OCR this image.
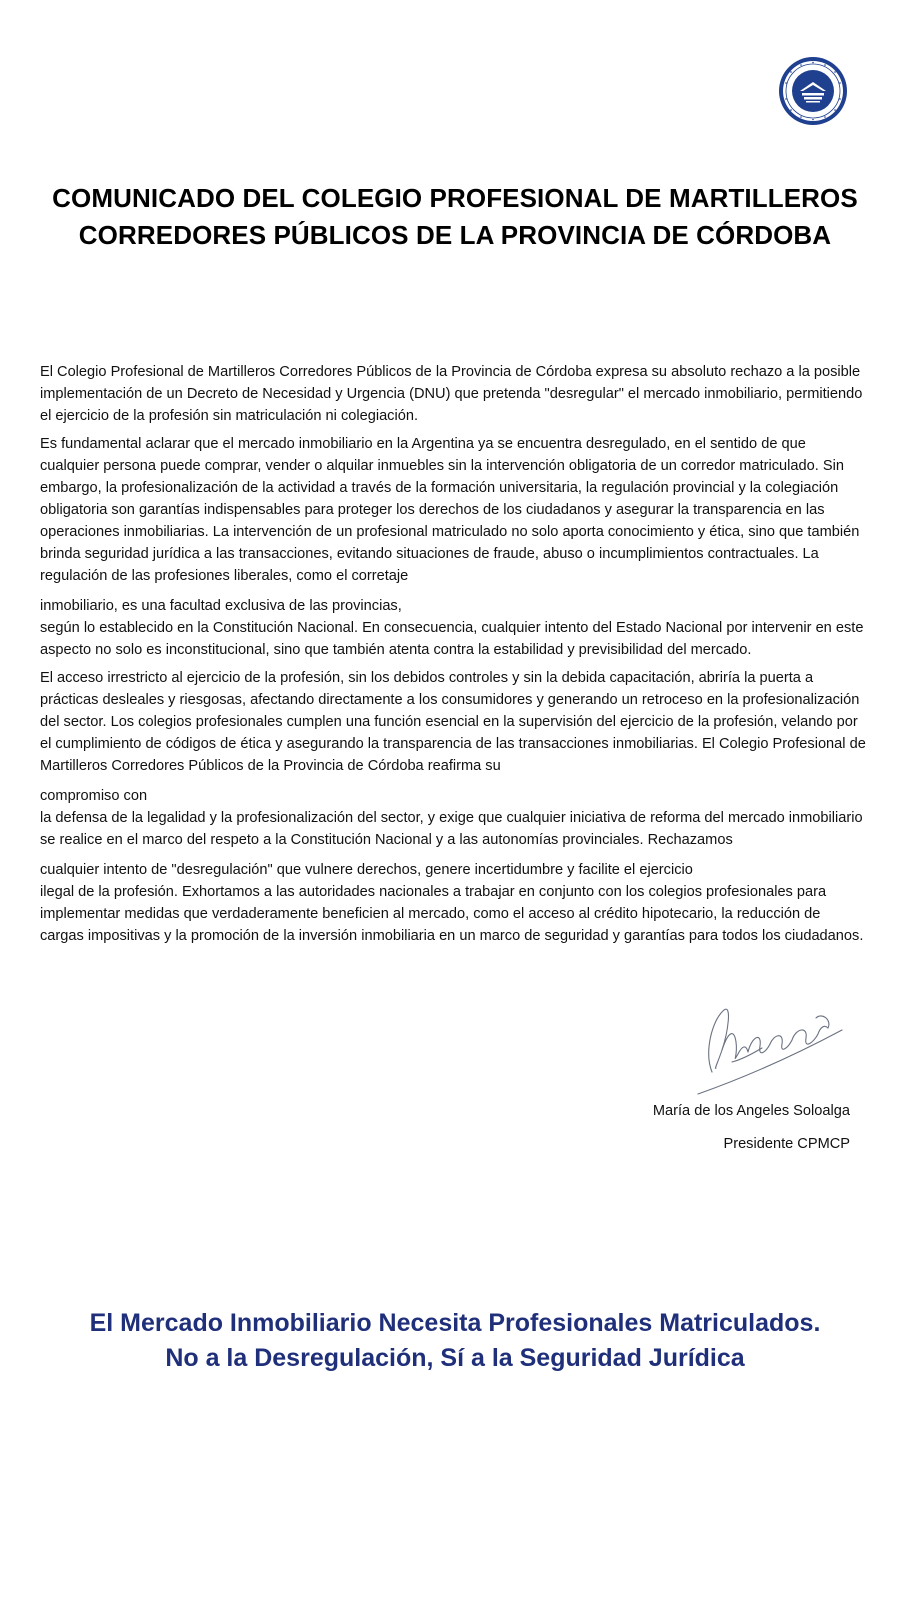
COMUNICADO DEL COLEGIO PROFESIONAL DE MARTILLEROS
CORREDORES PÚBLICOS DE LA PROVINCIA DE CÓRDOBA

El Colegio Profesional de Martilleros Corredores Públicos de la Provincia de Córdoba expresa su absoluto rechazo a la posible implementación de un Decreto de Necesidad y Urgencia (DNU) que pretenda "desregular" el mercado inmobiliario, permitiendo el ejercicio de la profesión sin matriculación ni colegiación.

Es fundamental aclarar que el mercado inmobiliario en la Argentina ya se encuentra desregulado, en el sentido de que cualquier persona puede comprar, vender o alquilar inmuebles sin la intervención obligatoria de un corredor matriculado. Sin embargo, la profesionalización de la actividad a través de la formación universitaria, la regulación provincial y la colegiación obligatoria son garantías indispensables para proteger los derechos de los ciudadanos y asegurar la transparencia en las operaciones inmobiliarias. La intervención de un profesional matriculado no solo aporta conocimiento y ética, sino que también brinda seguridad jurídica a las transacciones, evitando situaciones de fraude, abuso o incumplimientos contractuales. La regulación de las profesiones liberales, como el corretaje

inmobiliario, es una facultad exclusiva de las provincias,

según lo establecido en la Constitución Nacional. En consecuencia, cualquier intento del Estado Nacional por intervenir en este aspecto no solo es inconstitucional, sino que también atenta contra la estabilidad y previsibilidad del mercado.

El acceso irrestricto al ejercicio de la profesión, sin los debidos controles y sin la debida capacitación, abriría la puerta a prácticas desleales y riesgosas, afectando directamente a los consumidores y generando un retroceso en la profesionalización del sector. Los colegios profesionales cumplen una función esencial en la supervisión del ejercicio de la profesión, velando por el cumplimiento de códigos de ética y asegurando la transparencia de las transacciones inmobiliarias. El Colegio Profesional de Martilleros Corredores Públicos de la Provincia de Córdoba reafirma su

compromiso con

la defensa de la legalidad y la profesionalización del sector, y exige que cualquier iniciativa de reforma del mercado inmobiliario se realice en el marco del respeto a la Constitución Nacional y a las autonomías provinciales. Rechazamos

cualquier intento de "desregulación" que vulnere derechos, genere incertidumbre y facilite el ejercicio

ilegal de la profesión. Exhortamos a las autoridades nacionales a trabajar en conjunto con los colegios profesionales para implementar medidas que verdaderamente beneficien al mercado, como el acceso al crédito hipotecario, la reducción de cargas impositivas y la promoción de la inversión inmobiliaria en un marco de seguridad y garantías para todos los ciudadanos.

María de los Angeles Soloalga
Presidente CPMCP
El Mercado Inmobiliario Necesita Profesionales Matriculados.
No a la Desregulación, Sí a la Seguridad Jurídica
